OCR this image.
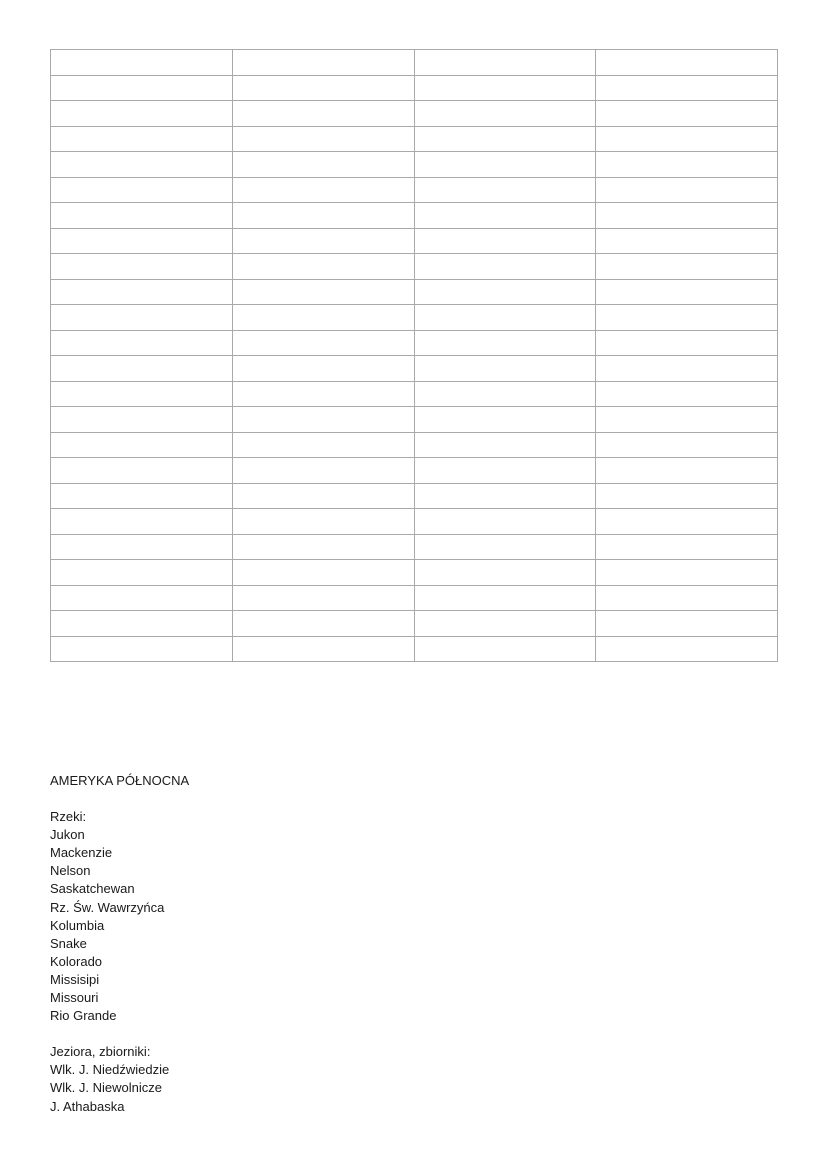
AMERYKA PÓŁNOCNA
Rzeki:
Jukon
Mackenzie
Nelson
Saskatchewan
Rz. Św. Wawrzyńca
Kolumbia
Snake
Kolorado
Missisipi
Missouri
Rio Grande
Jeziora, zbiorniki:
Wlk. J. Niedźwiedzie
Wlk. J. Niewolnicze
J. Athabaska
